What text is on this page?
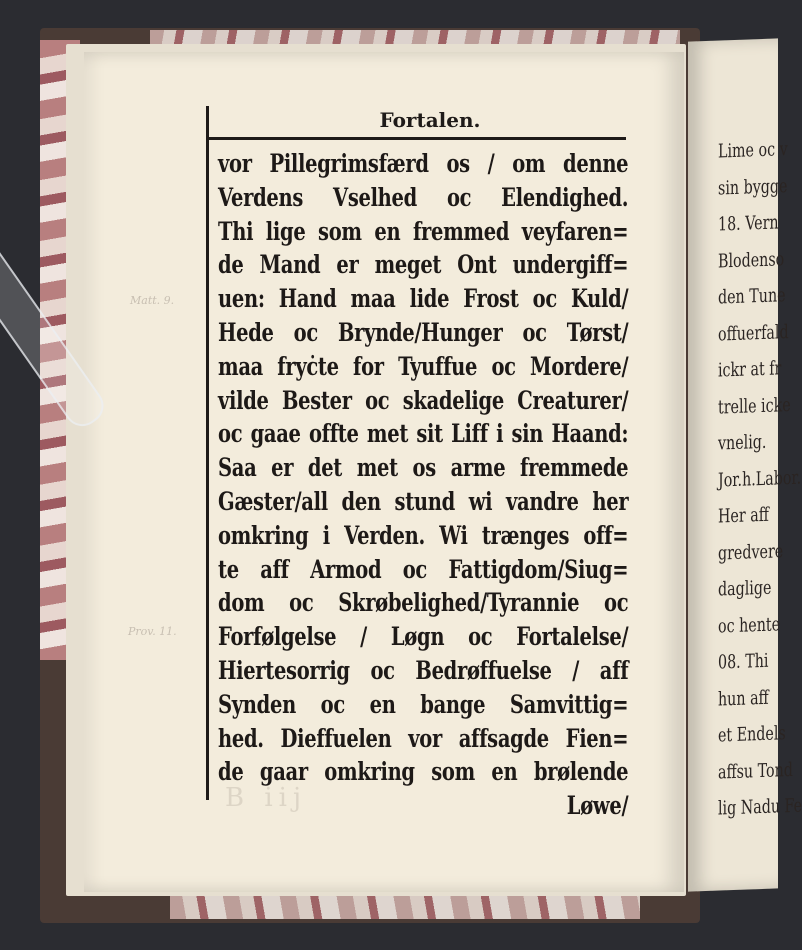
Lime oc v
sin bygge
18. Vern
Blodenso
den Tune
offuerfald
ickr at fr
trelle icke
vnelig.
Jor.h.Labor.
Her aff
gredvere
daglige
oc hente
08. Thi
hun aff
et Endels
affsu Tond
lig Nadu Fe
Matt. 9.
Prov. 11.
B iij
Fortalen.
vor Pillegrimsfærd os / om denne
Verdens Vselhed oc Elendighed.
Thi lige som en fremmed veyfaren=
de Mand er meget Ont undergiff=
uen: Hand maa lide Frost oc Kuld/
Hede oc Brynde/Hunger oc Tørst/
maa fryċte for Tyuffue oc Mordere/
vilde Bester oc skadelige Creaturer/
oc gaae offte met sit Liff i sin Haand:
Saa er det met os arme fremmede
Gæster/all den stund wi vandre her
omkring i Verden. Wi trænges off=
te aff Armod oc Fattigdom/Siug=
dom oc Skrøbelighed/Tyrannie oc
Forfølgelse / Løgn oc Fortalelse/
Hiertesorrig oc Bedrøffuelse / aff
Synden oc en bange Samvittig=
hed. Dieffuelen vor affsagde Fien=
de gaar omkring som en brølende
Løwe/
